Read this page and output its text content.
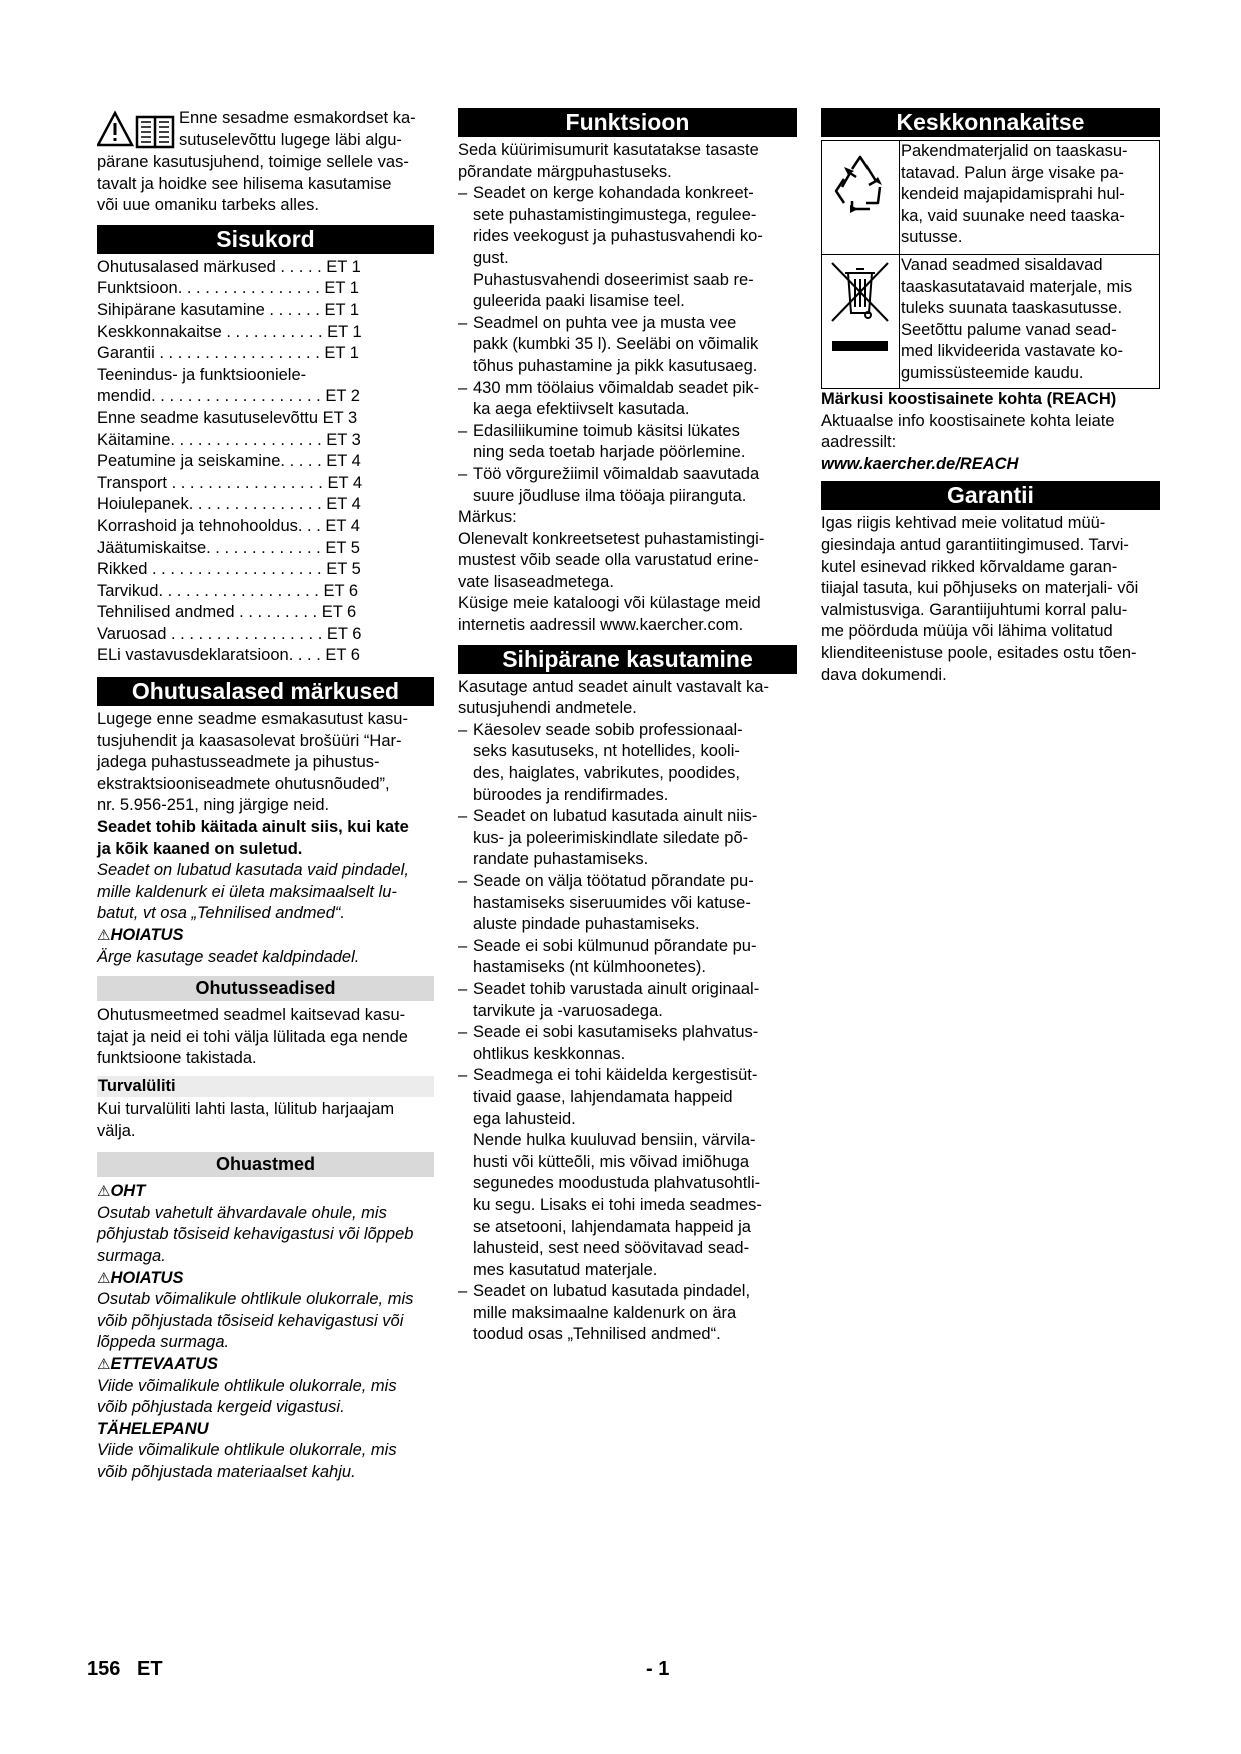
Enne sesadme esmakordset ka-

sutuselevõttu lugege läbi algu-

pärane kasutusjuhend, toimige sellele vas-

tavalt ja hoidke see hilisema kasutamise

või uue omaniku tarbeks alles.

Sisukord
Ohutusalased märkused . . . . . ET 1
Funktsioon. . . . . . . . . . . . . . . . ET 1
Sihipärane kasutamine . . . . . . ET 1
Keskkonnakaitse . . . . . . . . . . . ET 1
Garantii . . . . . . . . . . . . . . . . . . ET 1
Teenindus- ja funktsiooniele-
mendid. . . . . . . . . . . . . . . . . . . ET 2
Enne seadme kasutuselevõttu ET 3
Käitamine. . . . . . . . . . . . . . . . . ET 3
Peatumine ja seiskamine. . . . . ET 4
Transport . . . . . . . . . . . . . . . . . ET 4
Hoiulepanek. . . . . . . . . . . . . . . ET 4
Korrashoid ja tehnohooldus. . . ET 4
Jäätumiskaitse. . . . . . . . . . . . . ET 5
Rikked . . . . . . . . . . . . . . . . . . . ET 5
Tarvikud. . . . . . . . . . . . . . . . . . ET 6
Tehnilised andmed . . . . . . . . . ET 6
Varuosad . . . . . . . . . . . . . . . . . ET 6
ELi vastavusdeklaratsioon. . . . ET 6
Ohutusalased märkused

Lugege enne seadme esmakasutust kasu-

tusjuhendit ja kaasasolevat brošüüri “Har-

jadega puhastusseadmete ja pihustus-

ekstraktsiooniseadmete ohutusnõuded”,

nr. 5.956-251, ning järgige neid.

Seadet tohib käitada ainult siis, kui kate

ja kõik kaaned on suletud.

Seadet on lubatud kasutada vaid pindadel,

mille kaldenurk ei ületa maksimaalselt lu-

batut, vt osa „Tehnilised andmed“.

⚠HOIATUS

Ärge kasutage seadet kaldpindadel.

Ohutusseadised

Ohutusmeetmed seadmel kaitsevad kasu-

tajat ja neid ei tohi välja lülitada ega nende

funktsioone takistada.

Turvalüliti

Kui turvalüliti lahti lasta, lülitub harjaajam

välja.

Ohuastmed

⚠OHT

Osutab vahetult ähvardavale ohule, mis

põhjustab tõsiseid kehavigastusi või lõppeb

surmaga.

⚠HOIATUS

Osutab võimalikule ohtlikule olukorrale, mis

võib põhjustada tõsiseid kehavigastusi või

lõppeda surmaga.

⚠ETTEVAATUS

Viide võimalikule ohtlikule olukorrale, mis

võib põhjustada kergeid vigastusi.

TÄHELEPANU

Viide võimalikule ohtlikule olukorrale, mis

võib põhjustada materiaalset kahju.

Funktsioon

Seda küürimisumurit kasutatakse tasaste

põrandate märgpuhastuseks.

– Seadet on kerge kohandada konkreet-
sete puhastamistingimustega, regulee-
rides veekogust ja puhastusvahendi ko-
gust.
Puhastusvahendi doseerimist saab re-
guleerida paaki lisamise teel.
– Seadmel on puhta vee ja musta vee
pakk (kumbki 35 l). Seeläbi on võimalik
tõhus puhastamine ja pikk kasutusaeg.
– 430 mm töölaius võimaldab seadet pik-
ka aega efektiivselt kasutada.
– Edasiliikumine toimub käsitsi lükates
ning seda toetab harjade pöörlemine.
– Töö võrgurežiimil võimaldab saavutada
suure jõudluse ilma tööaja piiranguta.

Märkus:

Olenevalt konkreetsetest puhastamistingi-

mustest võib seade olla varustatud erine-

vate lisaseadmetega.

Küsige meie kataloogi või külastage meid

internetis aadressil www.kaercher.com.

Sihipärane kasutamine

Kasutage antud seadet ainult vastavalt ka-

sutusjuhendi andmetele.

– Käesolev seade sobib professionaal-
seks kasutuseks, nt hotellides, kooli-
des, haiglates, vabrikutes, poodides,
büroodes ja rendifirmades.
– Seadet on lubatud kasutada ainult niis-
kus- ja poleerimiskindlate siledate põ-
randate puhastamiseks.
– Seade on välja töötatud põrandate pu-
hastamiseks siseruumides või katuse-
aluste pindade puhastamiseks.
– Seade ei sobi külmunud põrandate pu-
hastamiseks (nt külmhoonetes).
– Seadet tohib varustada ainult originaal-
tarvikute ja -varuosadega.
– Seade ei sobi kasutamiseks plahvatus-
ohtlikus keskkonnas.
– Seadmega ei tohi käidelda kergestisüt-
tivaid gaase, lahjendamata happeid
ega lahusteid.
Nende hulka kuuluvad bensiin, värvila-
husti või kütteõli, mis võivad imiõhuga
segunedes moodustuda plahvatusohtli-
ku segu. Lisaks ei tohi imeda seadmes-
se atsetooni, lahjendamata happeid ja
lahusteid, sest need söövitavad sead-
mes kasutatud materjale.
– Seadet on lubatud kasutada pindadel,
mille maksimaalne kaldenurk on ära
toodud osas „Tehnilised andmed“.
Keskkonnakaitse

Pakendmaterjalid on taaskasu-

tatavad. Palun ärge visake pa-

kendeid majapidamisprahi hul-

ka, vaid suunake need taaska-

sutusse.

Vanad seadmed sisaldavad

taaskasutatavaid materjale, mis

tuleks suunata taaskasutusse.

Seetõttu palume vanad sead-

med likvideerida vastavate ko-

gumissüsteemide kaudu.

Märkusi koostisainete kohta (REACH)

Aktuaalse info koostisainete kohta leiate

aadressilt:

www.kaercher.de/REACH

Garantii

Igas riigis kehtivad meie volitatud müü-

giesindaja antud garantiitingimused. Tarvi-

kutel esinevad rikked kõrvaldame garan-

tiiajal tasuta, kui põhjuseks on materjali- või

valmistusviga. Garantiijuhtumi korral palu-

me pöörduda müüja või lähima volitatud

klienditeenistuse poole, esitades ostu tõen-

dava dokumendi.

156 ET	- 1
